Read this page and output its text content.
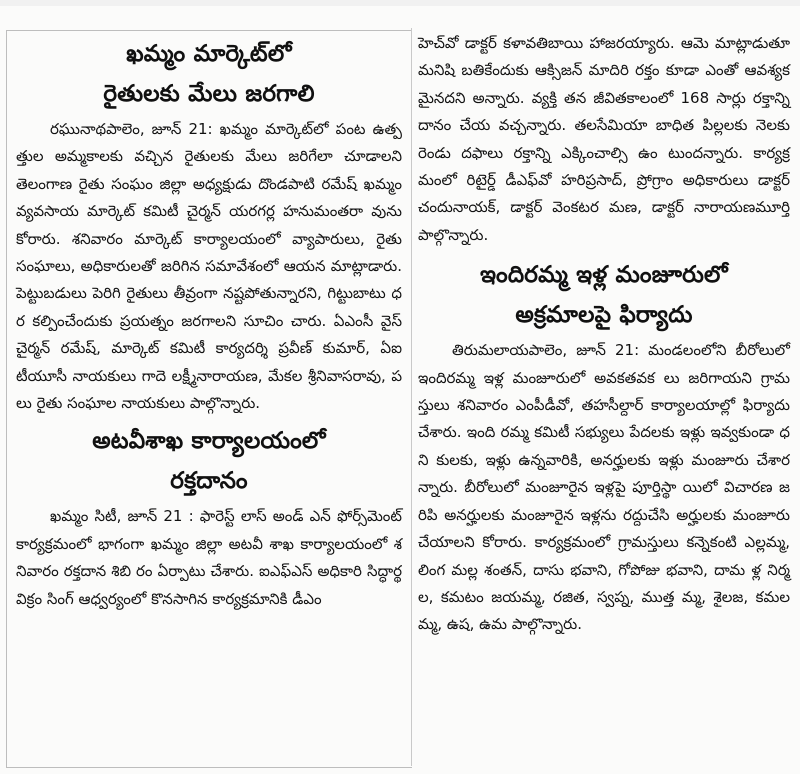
ఖమ్మం మార్కెట్‌లో
రైతులకు మేలు జరగాలి

రఘునాథపాలెం, జూన్ 21: ఖమ్మం మార్కెట్‌లో పంట ఉత్పత్తుల అమ్మకాలకు వచ్చిన రైతులకు మేలు జరిగేలా చూడాలని తెలంగాణ రైతు సంఘం జిల్లా అధ్యక్షుడు దొండపాటి రమేష్ ఖమ్మం వ్యవసాయ మార్కెట్ కమిటీ చైర్మన్ యరగర్ల హనుమంతరా వును కోరారు. శనివారం మార్కెట్ కార్యాలయంలో వ్యాపారులు, రైతు సంఘాలు, అధికారులతో జరిగిన సమావేశంలో ఆయన మాట్లాడారు. పెట్టుబడులు పెరిగి రైతులు తీవ్రంగా నష్టపోతున్నారని, గిట్టుబాటు ధర కల్పించేందుకు ప్రయత్నం జరగాలని సూచిం చారు. ఏఎంసీ వైస్ చైర్మన్ రమేష్, మార్కెట్ కమిటీ కార్యదర్శి ప్రవీణ్ కుమార్, ఏఐటీయూసీ నాయకులు గాదె లక్ష్మీనారాయణ, మేకల శ్రీనివాసరావు, పలు రైతు సంఘాల నాయకులు పాల్గొన్నారు.

అటవీశాఖ కార్యాలయంలో
రక్తదానం

ఖమ్మం సిటీ, జూన్ 21 : ఫారెస్ట్ లాస్ అండ్ ఎన్ ఫోర్స్‌మెంట్ కార్యక్రమంలో భాగంగా ఖమ్మం జిల్లా అటవీ శాఖ కార్యాలయంలో శనివారం రక్తదాన శిబి రం ఏర్పాటు చేశారు. ఐఎఫ్ఎస్ అధికారి సిద్ధార్థ విక్రం సింగ్ ఆధ్వర్యంలో కొనసాగిన కార్యక్రమానికి డీఎం

హెచ్‌వో డాక్టర్ కళావతిబాయి హాజరయ్యారు. ఆమె మాట్లాడుతూ మనిషి బతికేందుకు ఆక్సిజన్ మాదిరి రక్తం కూడా ఎంతో ఆవశ్యకమైనదని అన్నారు. వ్యక్తి తన జీవితకాలంలో 168 సార్లు రక్తాన్ని దానం చేయ వచ్చన్నారు. తలసేమియా బాధిత పిల్లలకు నెలకు రెండు దఫాలు రక్తాన్ని ఎక్కించాల్సి ఉం టుందన్నారు. కార్యక్రమంలో రిటైర్డ్ డీఎఫ్‌వో హరిప్రసాద్, ప్రోగ్రాం అధికారులు డాక్టర్ చందునాయక్, డాక్టర్ వెంకటర మణ, డాక్టర్ నారాయణమూర్తి పాల్గొన్నారు.

ఇందిరమ్మ ఇళ్ల మంజూరులో
అక్రమాలపై ఫిర్యాదు

తిరుమలాయపాలెం, జూన్ 21: మండలంలోని బీరోలులో ఇందిరమ్మ ఇళ్ల మంజూరులో అవకతవక లు జరిగాయని గ్రామస్తులు శనివారం ఎంపీడీవో, తహసీల్దార్ కార్యాలయాల్లో ఫిర్యాదు చేశారు. ఇంది రమ్మ కమిటీ సభ్యులు పేదలకు ఇళ్లు ఇవ్వకుండా ధని కులకు, ఇళ్లు ఉన్నవారికి, అనర్హులకు ఇళ్లు మంజూరు చేశారన్నారు. బీరోలులో మంజూరైన ఇళ్లపై పూర్తిస్థా యిలో విచారణ జరిపి అనర్హులకు మంజూరైన ఇళ్లను రద్దుచేసి అర్హులకు మంజూరు చేయాలని కోరారు. కార్యక్రమంలో గ్రామస్తులు కన్నెకంటి ఎల్లమ్మ, లింగ మల్ల శంతన్, దాసు భవాని, గోపోజు భవాని, దామ ళ్ల నిర్మల, కమటం జయమ్మ, రజిత, స్వప్న, ముత్త మ్మ, శైలజ, కమలమ్మ, ఉష, ఉమ పాల్గొన్నారు.
